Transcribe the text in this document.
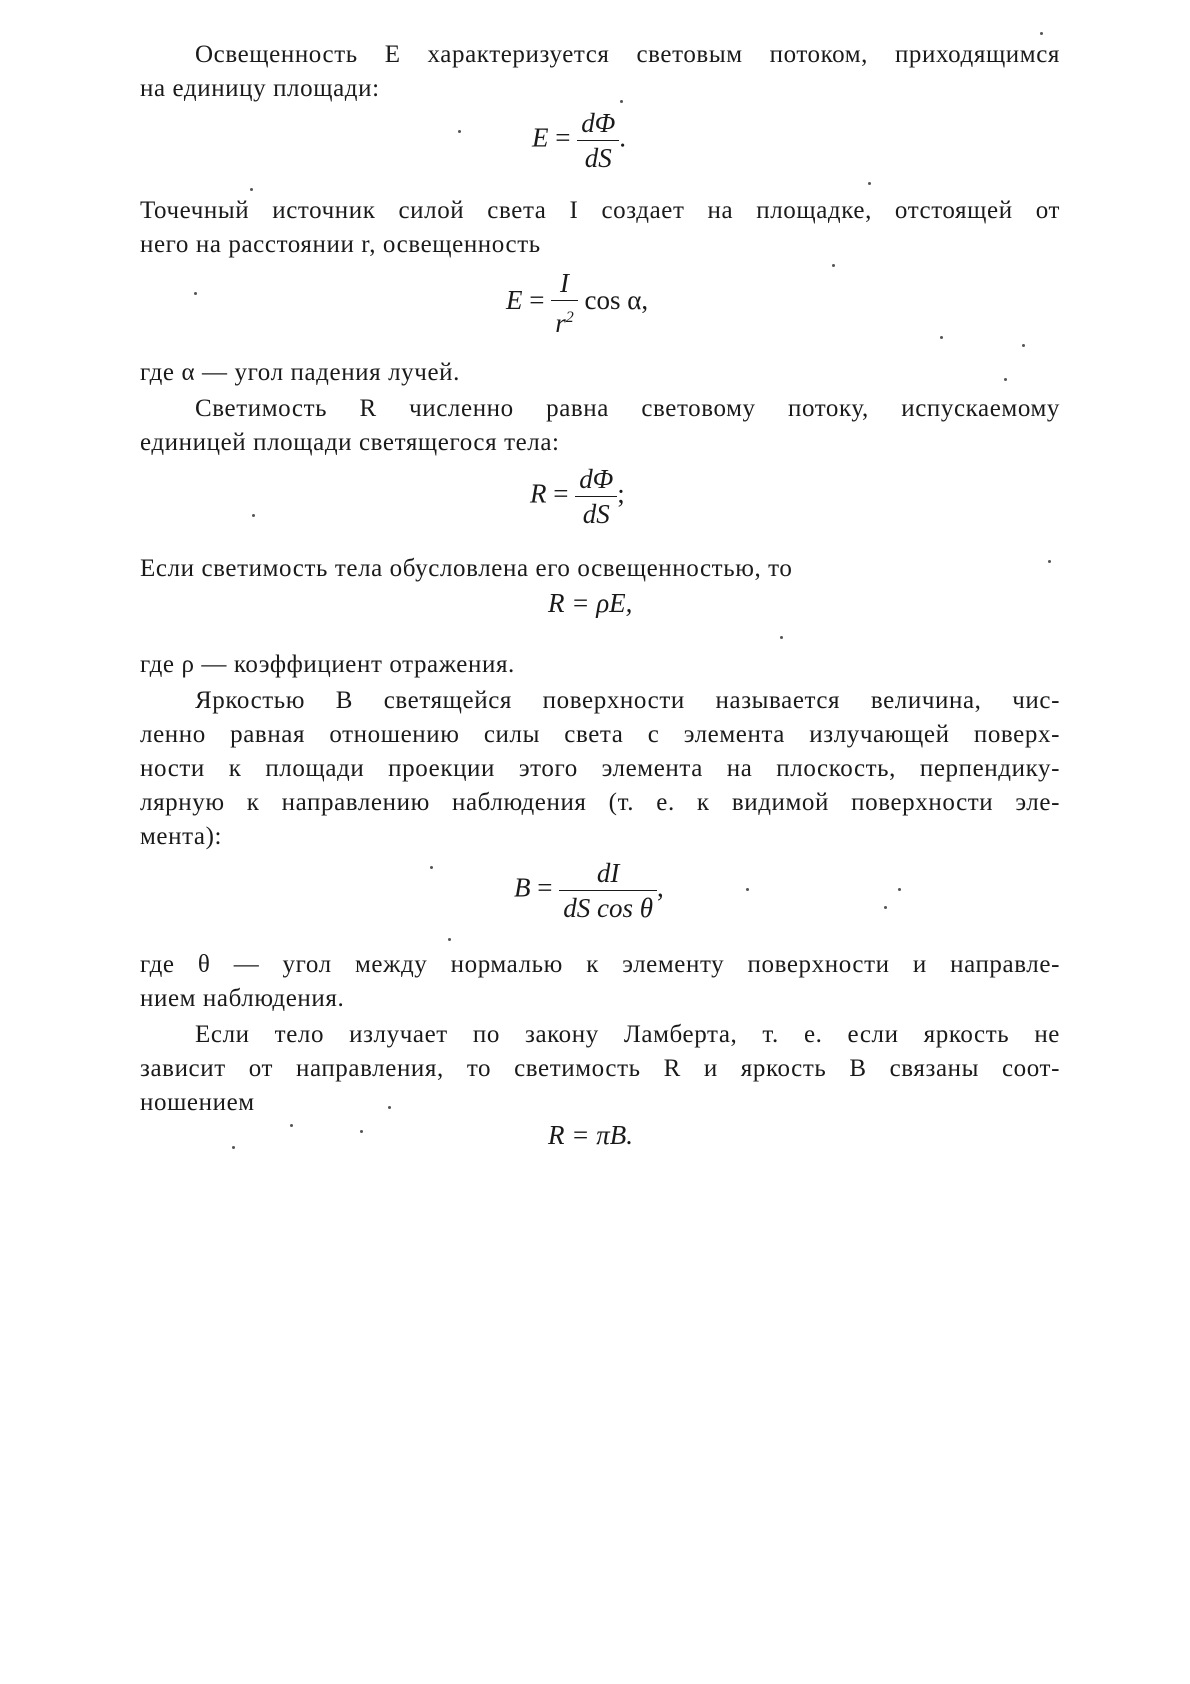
Освещенность E характеризуется световым потоком, приходящимся
на единицу площади:
$E = \frac{d\Phi}{dS}$ .
Точечный источник силой света I создает на площадке, отстоящей от
него на расстоянии r, освещенность
$E = \frac{I}{r^2}$ cos α,
где α — угол падения лучей.
Светимость R численно равна световому потоку, испускаемому
единицей площади светящегося тела:
$R = \frac{d\Phi}{dS}$ ;
Если светимость тела обусловлена его освещенностью, то
R = ρE,
где ρ — коэффициент отражения.
Яркостью B светящейся поверхности называется величина, чис-
ленно равная отношению силы света с элемента излучающей поверх-
ности к площади проекции этого элемента на плоскость, перпендику-
лярную к направлению наблюдения (т. е. к видимой поверхности эле-
мента):
$B = \frac{dI}{\text{dS cos θ}}$ ,
где θ — угол между нормалью к элементу поверхности и направле-
нием наблюдения.
Если тело излучает по закону Ламберта, т. е. если яркость не
зависит от направления, то светимость R и яркость B связаны соот-
ношением
R = πB.
